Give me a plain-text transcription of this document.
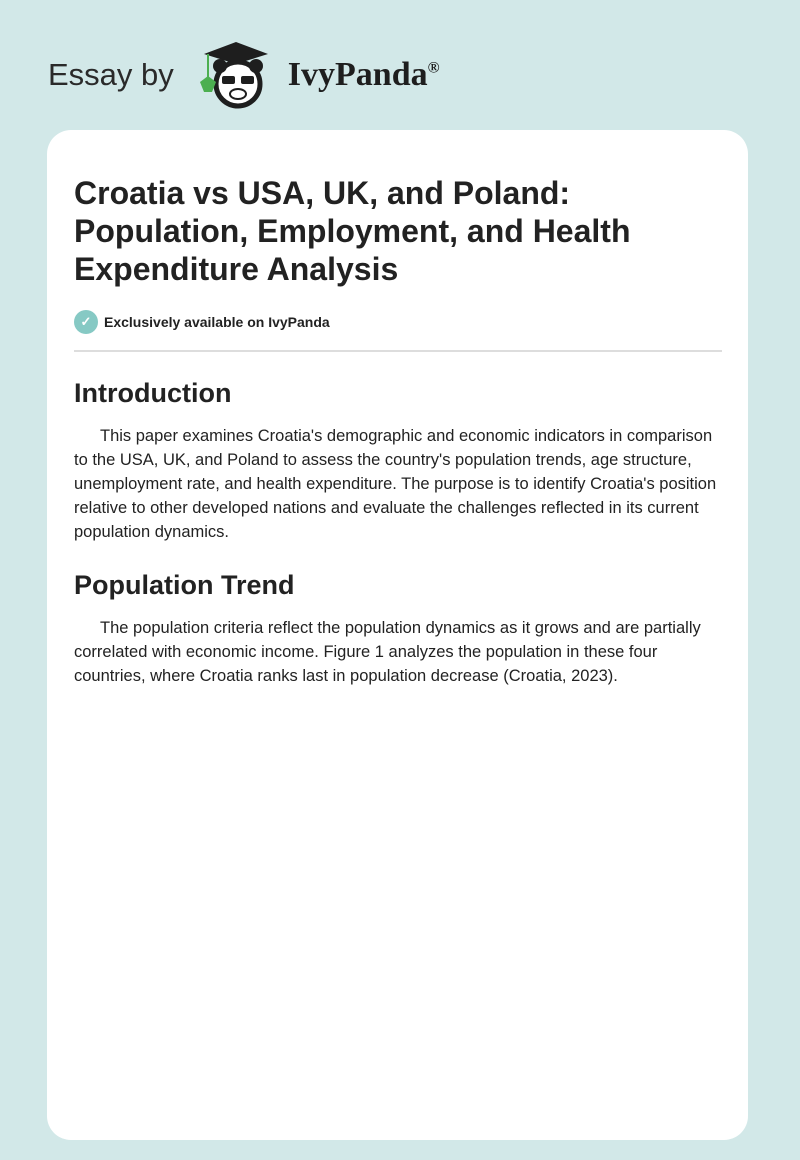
Essay by	IvyPanda®
Croatia vs USA, UK, and Poland: Population, Employment, and Health Expenditure Analysis
✓ Exclusively available on IvyPanda
Introduction

This paper examines Croatia's demographic and economic indicators in comparison to the USA, UK, and Poland to assess the country's population trends, age structure, unemployment rate, and health expenditure. The purpose is to identify Croatia's position relative to other developed nations and evaluate the challenges reflected in its current population dynamics.

Population Trend

The population criteria reflect the population dynamics as it grows and are partially correlated with economic income. Figure 1 analyzes the population in these four countries, where Croatia ranks last in population decrease (Croatia, 2023).
